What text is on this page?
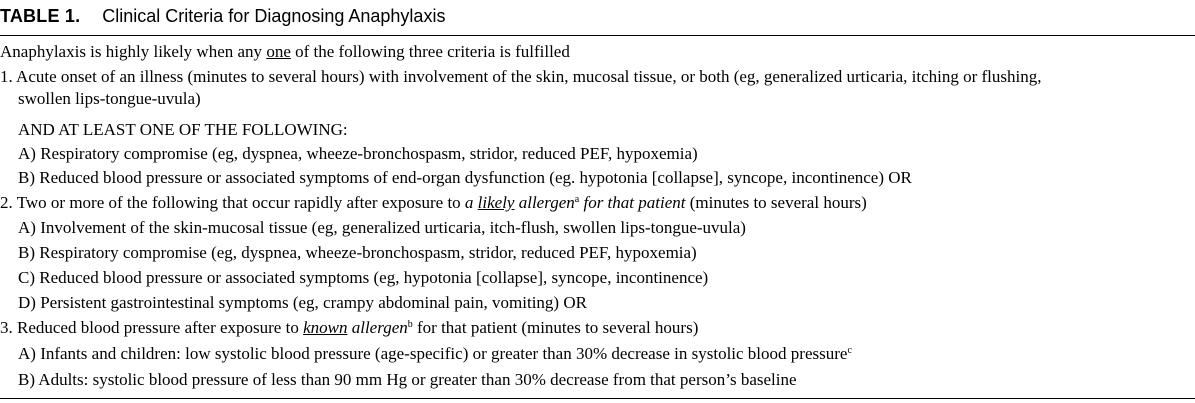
TABLE 1. Clinical Criteria for Diagnosing Anaphylaxis
Anaphylaxis is highly likely when any one of the following three criteria is fulfilled
1. Acute onset of an illness (minutes to several hours) with involvement of the skin, mucosal tissue, or both (eg, generalized urticaria, itching or flushing,
swollen lips-tongue-uvula)
AND AT LEAST ONE OF THE FOLLOWING:
A) Respiratory compromise (eg, dyspnea, wheeze-bronchospasm, stridor, reduced PEF, hypoxemia)
B) Reduced blood pressure or associated symptoms of end-organ dysfunction (eg. hypotonia [collapse], syncope, incontinence) OR
2. Two or more of the following that occur rapidly after exposure to a likely allergen$^a$ for that patient (minutes to several hours)
A) Involvement of the skin-mucosal tissue (eg, generalized urticaria, itch-flush, swollen lips-tongue-uvula)
B) Respiratory compromise (eg, dyspnea, wheeze-bronchospasm, stridor, reduced PEF, hypoxemia)
C) Reduced blood pressure or associated symptoms (eg, hypotonia [collapse], syncope, incontinence)
D) Persistent gastrointestinal symptoms (eg, crampy abdominal pain, vomiting) OR
3. Reduced blood pressure after exposure to known allergen$^b$ for that patient (minutes to several hours)
A) Infants and children: low systolic blood pressure (age-specific) or greater than 30% decrease in systolic blood pressure$^c$
B) Adults: systolic blood pressure of less than 90 mm Hg or greater than 30% decrease from that person’s baseline
